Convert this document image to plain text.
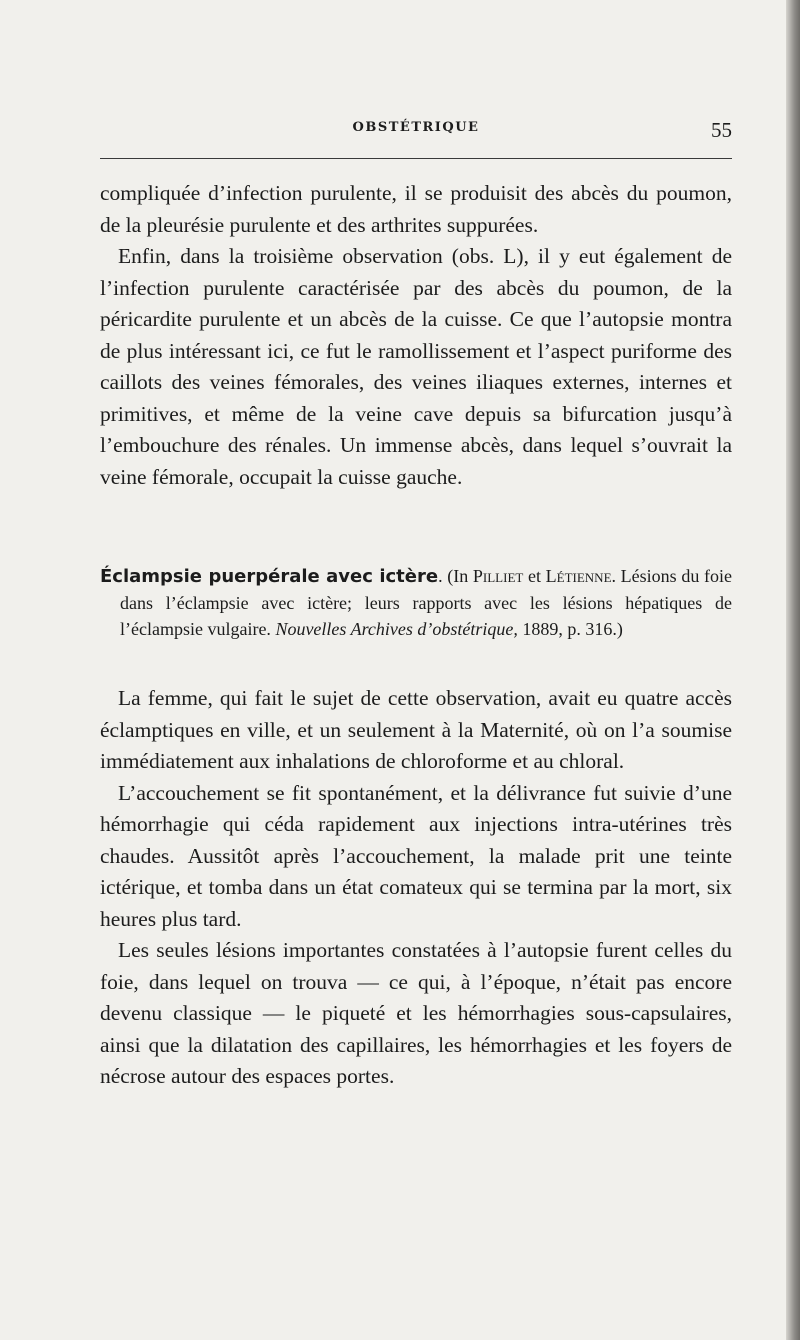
OBSTÉTRIQUE	55

compliquée d’infection purulente, il se produisit des abcès du poumon, de la pleurésie purulente et des arthrites suppurées.

Enfin, dans la troisième observation (obs. L), il y eut également de l’infection purulente caractérisée par des abcès du poumon, de la péricardite purulente et un abcès de la cuisse. Ce que l’autopsie montra de plus intéressant ici, ce fut le ramollissement et l’aspect puriforme des caillots des veines fémorales, des veines iliaques externes, internes et primitives, et même de la veine cave depuis sa bifurcation jusqu’à l’embouchure des rénales. Un immense abcès, dans lequel s’ouvrait la veine fémorale, occupait la cuisse gauche.

Éclampsie puerpérale avec ictère. (In Pilliet et Létienne. Lésions du foie dans l’éclampsie avec ictère; leurs rapports avec les lésions hépatiques de l’éclampsie vulgaire. Nouvelles Archives d’obstétrique, 1889, p. 316.)

La femme, qui fait le sujet de cette observation, avait eu quatre accès éclamptiques en ville, et un seulement à la Maternité, où on l’a soumise immédiatement aux inhalations de chloroforme et au chloral.

L’accouchement se fit spontanément, et la délivrance fut suivie d’une hémorrhagie qui céda rapidement aux injections intra-utérines très chaudes. Aussitôt après l’accouchement, la malade prit une teinte ictérique, et tomba dans un état comateux qui se termina par la mort, six heures plus tard.

Les seules lésions importantes constatées à l’autopsie furent celles du foie, dans lequel on trouva — ce qui, à l’époque, n’était pas encore devenu classique — le piqueté et les hémorrhagies sous-capsulaires, ainsi que la dilatation des capillaires, les hémorrhagies et les foyers de nécrose autour des espaces portes.
